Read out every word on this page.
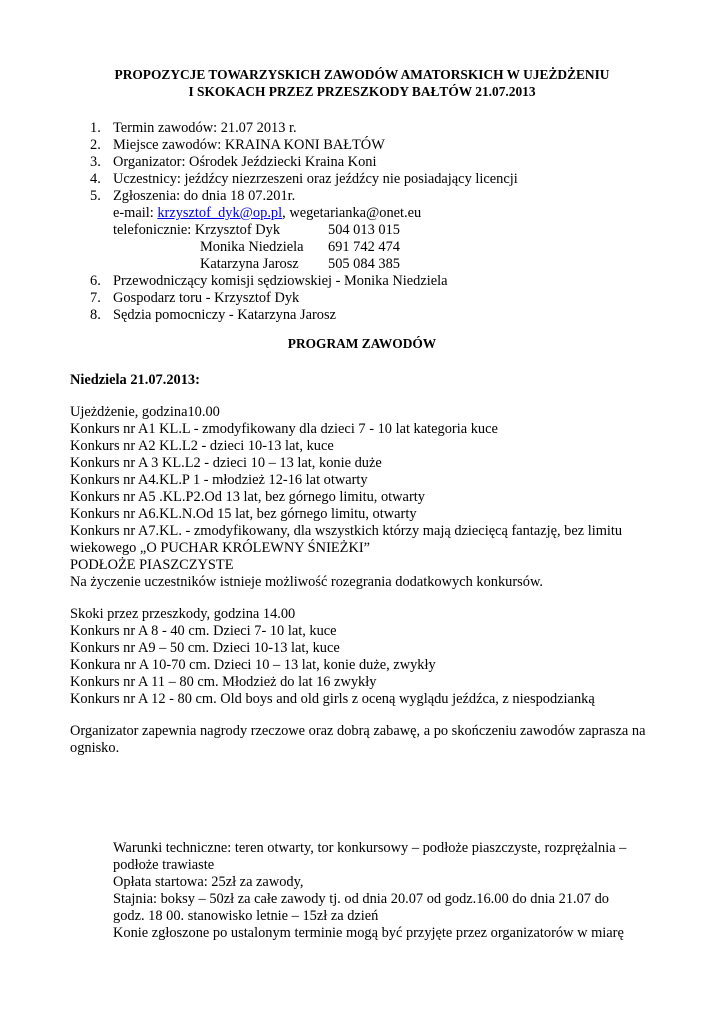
PROPOZYCJE TOWARZYSKICH ZAWODÓW AMATORSKICH W UJEŻDŻENIU
I SKOKACH PRZEZ PRZESZKODY BAŁTÓW 21.07.2013
1. Termin zawodów: 21.07 2013 r.
2. Miejsce zawodów: KRAINA KONI BAŁTÓW
3. Organizator: Ośrodek Jeździecki Kraina Koni
4. Uczestnicy: jeźdźcy niezrzeszeni oraz jeźdźcy nie posiadający licencji
5. Zgłoszenia: do dnia 18 07.201r.
e-mail: krzysztof_dyk@op.pl, wegetarianka@onet.eu
telefonicznie: Krzysztof Dyk	504 013 015
Monika Niedziela 691 742 474
Katarzyna Jarosz 505 084 385
6. Przewodniczący komisji sędziowskiej - Monika Niedziela
7. Gospodarz toru - Krzysztof Dyk
8. Sędzia pomocniczy - Katarzyna Jarosz
PROGRAM ZAWODÓW
Niedziela 21.07.2013:
Ujeżdżenie, godzina10.00
Konkurs nr A1 KL.L - zmodyfikowany dla dzieci 7 - 10 lat kategoria kuce
Konkurs nr A2 KL.L2 - dzieci 10-13 lat, kuce
Konkurs nr A 3 KL.L2 - dzieci 10 – 13 lat, konie duże
Konkurs nr A4.KL.P 1 - młodzież 12-16 lat otwarty
Konkurs nr A5 .KL.P2.Od 13 lat, bez górnego limitu, otwarty
Konkurs nr A6.KL.N.Od 15 lat, bez górnego limitu, otwarty
Konkurs nr A7.KL. - zmodyfikowany, dla wszystkich którzy mają dziecięcą fantazję, bez limitu
wiekowego „O PUCHAR KRÓLEWNY ŚNIEŻKI”
PODŁOŻE PIASZCZYSTE
Na życzenie uczestników istnieje możliwość rozegrania dodatkowych konkursów.
Skoki przez przeszkody, godzina 14.00
Konkurs nr A 8 - 40 cm. Dzieci 7- 10 lat, kuce
Konkurs nr A9 – 50 cm. Dzieci 10-13 lat, kuce
Konkura nr A 10-70 cm. Dzieci 10 – 13 lat, konie duże, zwykły
Konkurs nr A 11 – 80 cm. Młodzież do lat 16 zwykły
Konkurs nr A 12 - 80 cm. Old boys and old girls z oceną wyglądu jeźdźca, z niespodzianką
Organizator zapewnia nagrody rzeczowe oraz dobrą zabawę, a po skończeniu zawodów zaprasza na
ognisko.
Warunki techniczne: teren otwarty, tor konkursowy – podłoże piaszczyste, rozprężalnia –
podłoże trawiaste
Opłata startowa: 25zł za zawody,
Stajnia: boksy – 50zł za całe zawody tj. od dnia 20.07 od godz.16.00 do dnia 21.07 do
godz. 18 00. stanowisko letnie – 15zł za dzień
Konie zgłoszone po ustalonym terminie mogą być przyjęte przez organizatorów w miarę
